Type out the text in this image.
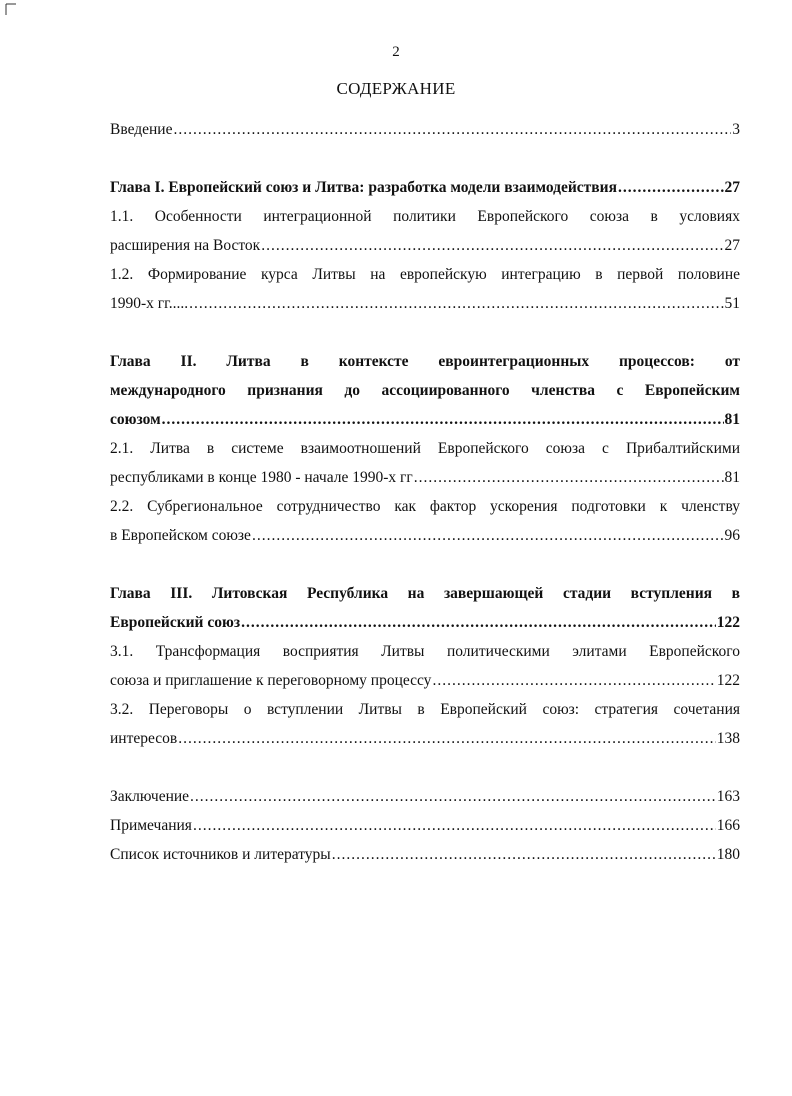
2
СОДЕРЖАНИЕ
Введение .....	3
Глава I. Европейский союз и Литва: разработка модели взаимодействия .....	27
1.1. Особенности интеграционной политики Европейского союза в условиях
расширения на Восток .....	27
1.2. Формирование курса Литвы на европейскую интеграцию в первой половине
1990-х гг..... .....	51
Глава II. Литва в контексте евроинтеграционных процессов: от
международного признания до ассоциированного членства с Европейским
союзом .....	81
2.1. Литва в системе взаимоотношений Европейского союза с Прибалтийскими
республиками в конце 1980 - начале 1990-х гг .....	81
2.2. Субрегиональное сотрудничество как фактор ускорения подготовки к членству
в Европейском союзе .....	96
Глава III. Литовская Республика на завершающей стадии вступления в
Европейский союз .....	122
3.1. Трансформация восприятия Литвы политическими элитами Европейского
союза и приглашение к переговорному процессу .....	122
3.2. Переговоры о вступлении Литвы в Европейский союз: стратегия сочетания
интересов .....	138
Заключение .....	163
Примечания .....	166
Список источников и литературы .....	180
